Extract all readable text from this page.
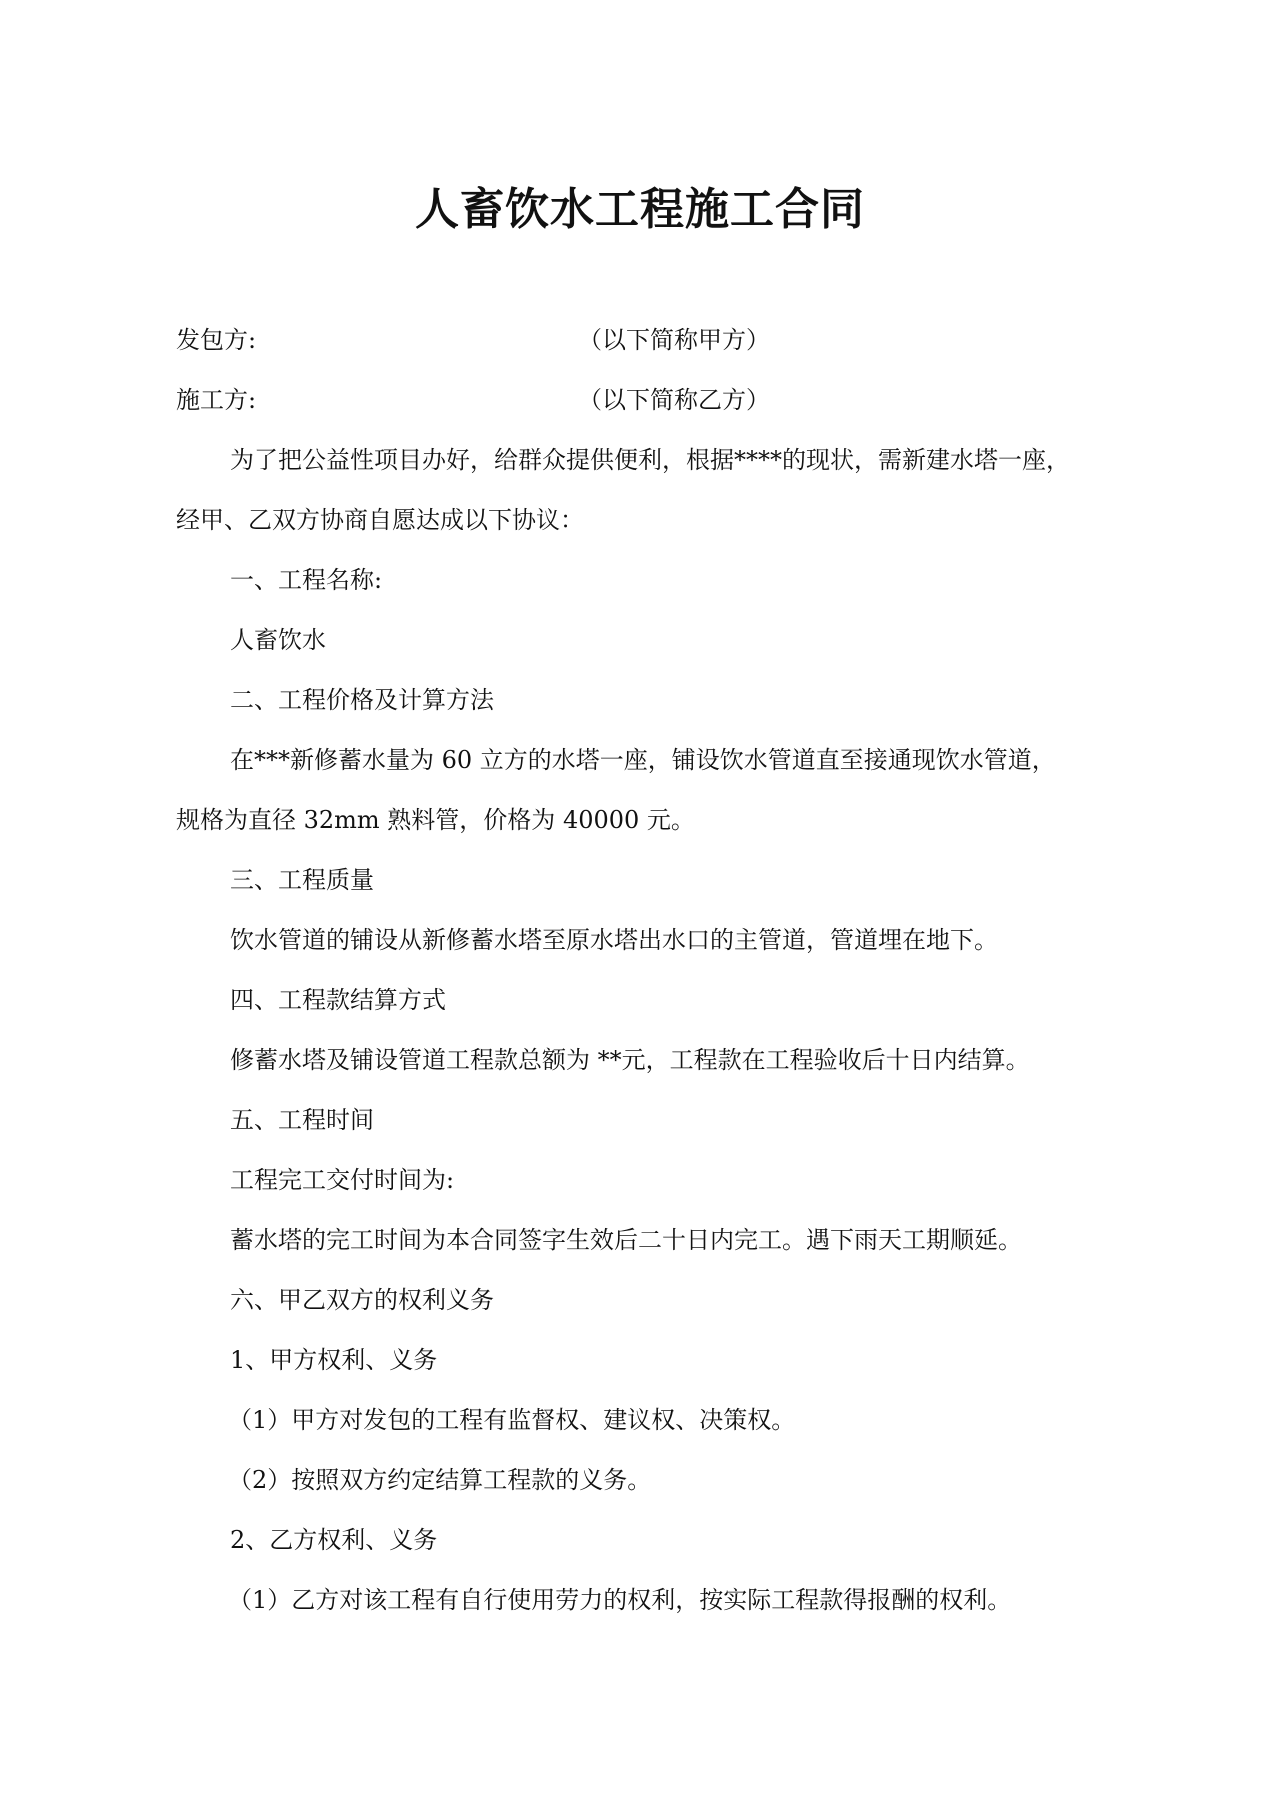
人畜饮水工程施工合同

发包方:	（以下简称甲方）

施工方:	（以下简称乙方）

为了把公益性项目办好，给群众提供便利，根据****的现状，需新建水塔一座，

经甲、乙双方协商自愿达成以下协议：

一、工程名称:

人畜饮水

二、工程价格及计算方法

在***新修蓄水量为 60 立方的水塔一座，铺设饮水管道直至接通现饮水管道，

规格为直径 32mm 熟料管，价格为 40000 元。

三、工程质量

饮水管道的铺设从新修蓄水塔至原水塔出水口的主管道，管道埋在地下。

四、工程款结算方式

修蓄水塔及铺设管道工程款总额为 **元，工程款在工程验收后十日内结算。

五、工程时间

工程完工交付时间为:

蓄水塔的完工时间为本合同签字生效后二十日内完工。遇下雨天工期顺延。

六、甲乙双方的权利义务

1、甲方权利、义务

（1）甲方对发包的工程有监督权、建议权、决策权。

（2）按照双方约定结算工程款的义务。

2、乙方权利、义务

（1）乙方对该工程有自行使用劳力的权利，按实际工程款得报酬的权利。
